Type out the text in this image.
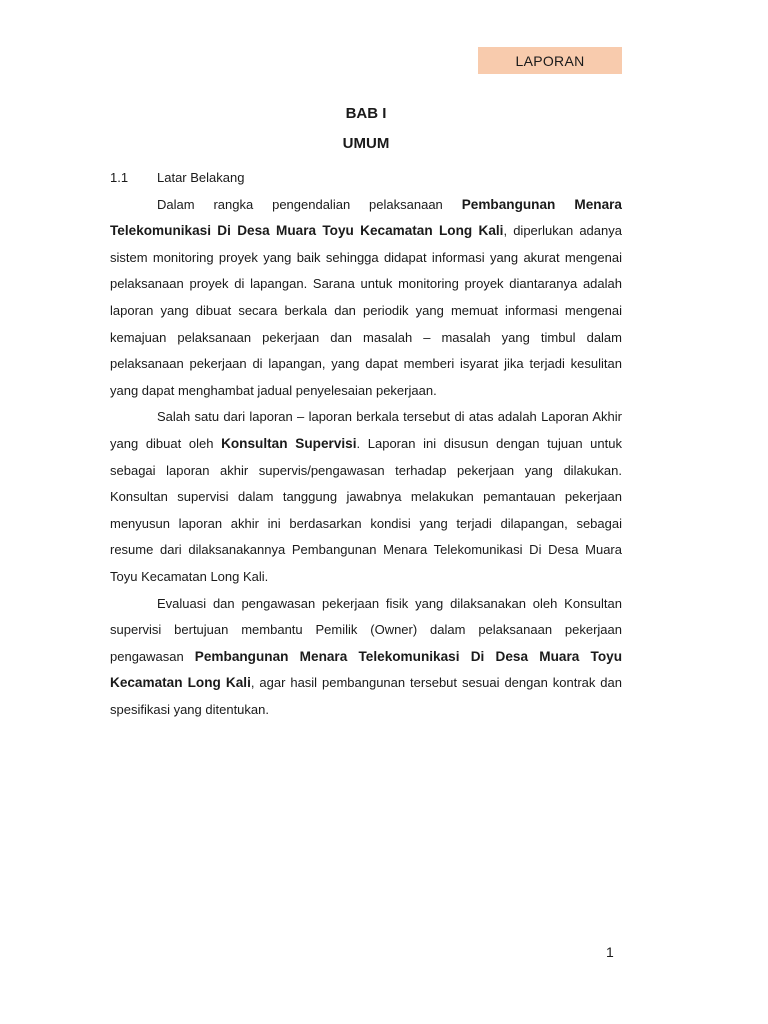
LAPORAN
BAB I
UMUM

1.1 Latar Belakang

Dalam rangka pengendalian pelaksanaan Pembangunan Menara Telekomunikasi Di Desa Muara Toyu Kecamatan Long Kali, diperlukan adanya sistem monitoring proyek yang baik sehingga didapat informasi yang akurat mengenai pelaksanaan proyek di lapangan. Sarana untuk monitoring proyek diantaranya adalah laporan yang dibuat secara berkala dan periodik yang memuat informasi mengenai kemajuan pelaksanaan pekerjaan dan masalah – masalah yang timbul dalam pelaksanaan pekerjaan di lapangan, yang dapat memberi isyarat jika terjadi kesulitan yang dapat menghambat jadual penyelesaian pekerjaan.

Salah satu dari laporan – laporan berkala tersebut di atas adalah Laporan Akhir yang dibuat oleh Konsultan Supervisi. Laporan ini disusun dengan tujuan untuk sebagai laporan akhir supervis/pengawasan terhadap pekerjaan yang dilakukan. Konsultan supervisi dalam tanggung jawabnya melakukan pemantauan pekerjaan menyusun laporan akhir ini berdasarkan kondisi yang terjadi dilapangan, sebagai resume dari dilaksanakannya Pembangunan Menara Telekomunikasi Di Desa Muara Toyu Kecamatan Long Kali.

Evaluasi dan pengawasan pekerjaan fisik yang dilaksanakan oleh Konsultan supervisi bertujuan membantu Pemilik (Owner) dalam pelaksanaan pekerjaan pengawasan Pembangunan Menara Telekomunikasi Di Desa Muara Toyu Kecamatan Long Kali, agar hasil pembangunan tersebut sesuai dengan kontrak dan spesifikasi yang ditentukan.

1
